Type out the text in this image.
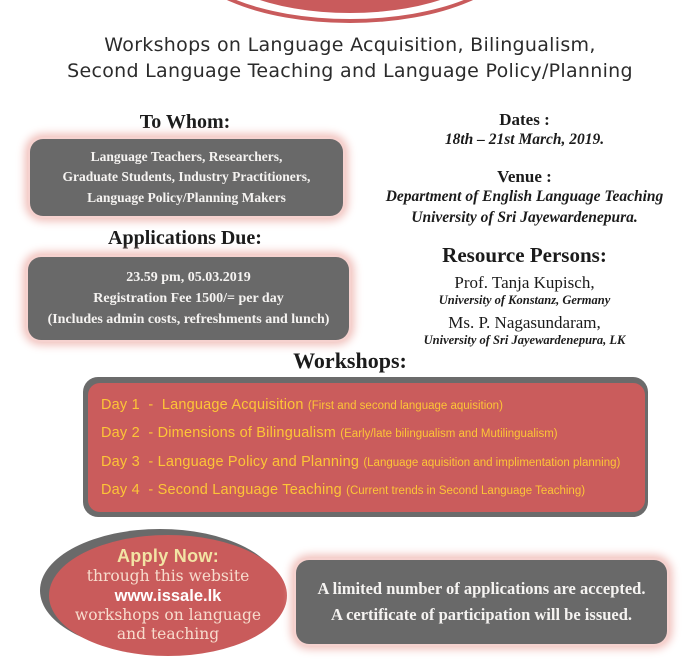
Workshops on Language Acquisition, Bilingualism,
Second Language Teaching and Language Policy/Planning
To Whom:
Language Teachers, Researchers,
Graduate Students, Industry Practitioners,
Language Policy/Planning Makers
Applications Due:
23.59 pm, 05.03.2019
Registration Fee 1500/= per day
(Includes admin costs, refreshments and lunch)
Dates :
18th – 21st March, 2019.
Venue :
Department of English Language Teaching
University of Sri Jayewardenepura.
Resource Persons:
Prof. Tanja Kupisch,
University of Konstanz, Germany
Ms. P. Nagasundaram,
University of Sri Jayewardenepura, LK
Workshops:
Day 1  -  Language Acquisition (First and second language aquisition)
Day 2  - Dimensions of Bilingualism (Early/late bilingualism and Mutilingualism)
Day 3  - Language Policy and Planning (Language aquisition and implimentation planning)
Day 4  - Second Language Teaching (Current trends in Second Language Teaching)
Apply Now:
through this website
www.issale.lk
workshops on language
and teaching
A limited number of applications are accepted.
A certificate of participation will be issued.
